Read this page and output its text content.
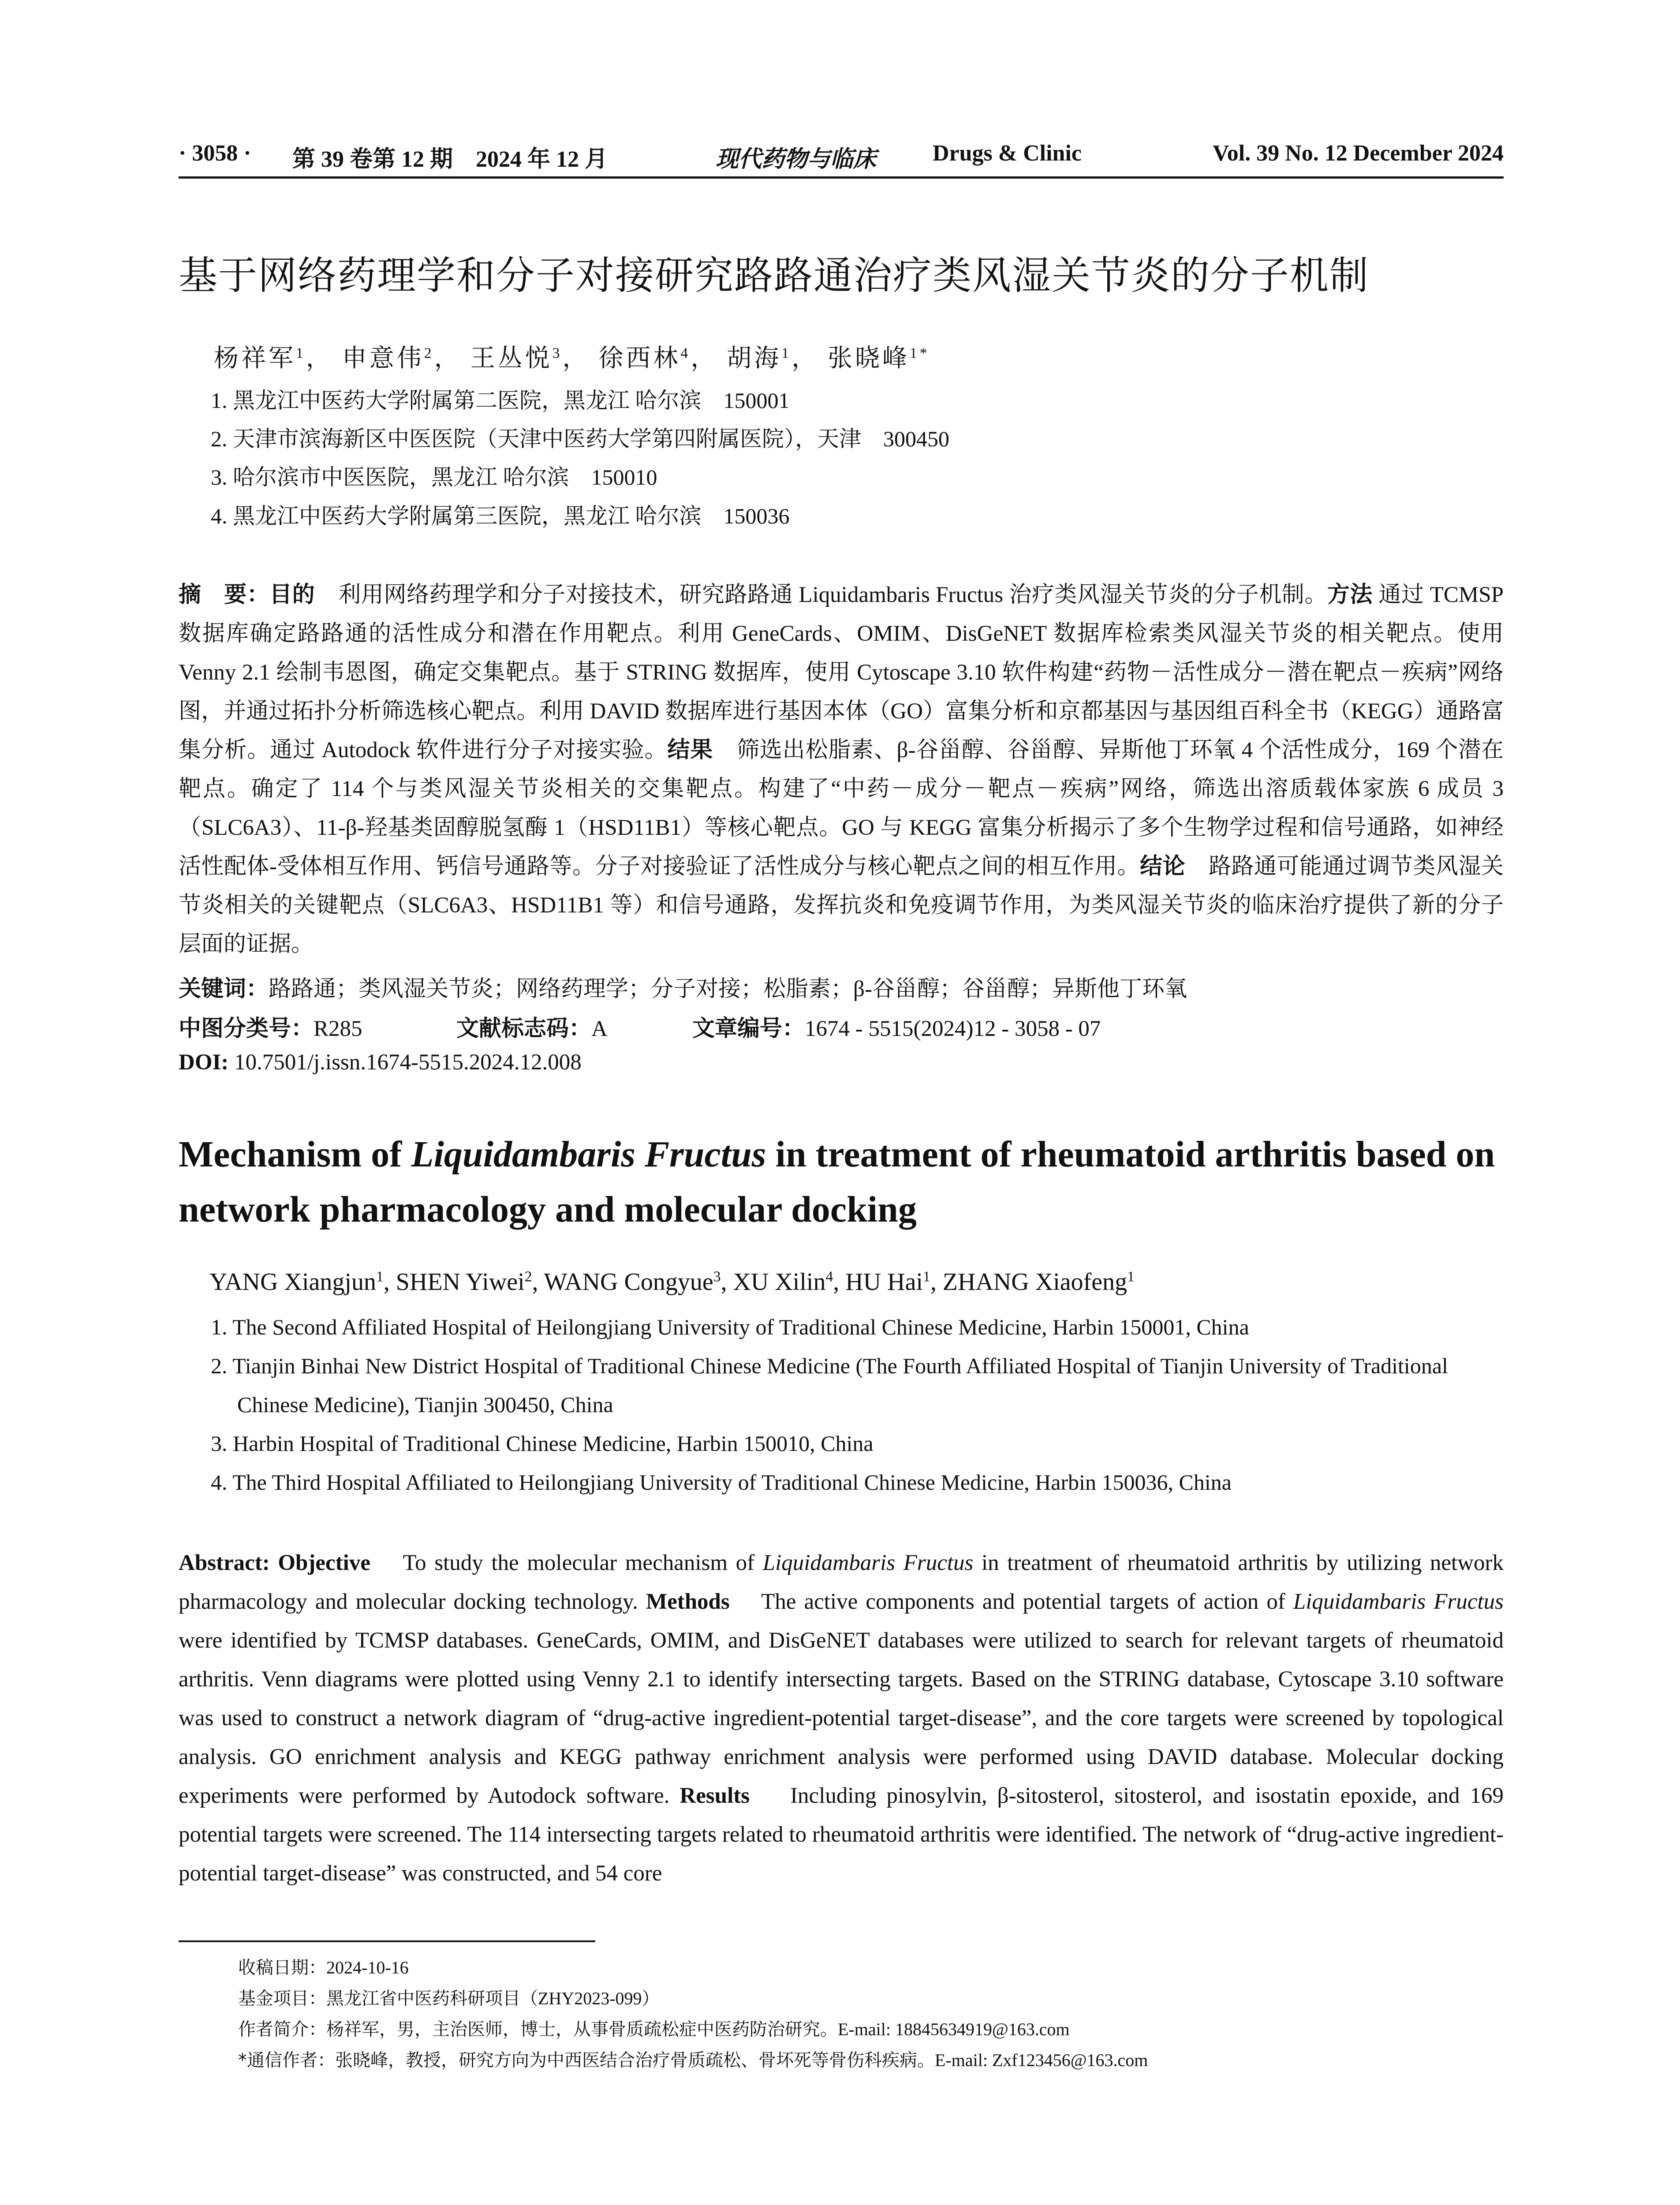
· 3058 · 第 39 卷第 12 期　2024 年 12 月	现代药物与临床 Drugs & Clinic	Vol. 39 No. 12 December 2024
基于网络药理学和分子对接研究路路通治疗类风湿关节炎的分子机制
杨祥军$^1$， 申意伟$^2$， 王丛悦$^3$， 徐西林$^4$， 胡海$^1$， 张晓峰$^{1*}$
1. 黑龙江中医药大学附属第二医院，黑龙江 哈尔滨　150001
2. 天津市滨海新区中医医院（天津中医药大学第四附属医院），天津　300450
3. 哈尔滨市中医医院，黑龙江 哈尔滨　150010
4. 黑龙江中医药大学附属第三医院，黑龙江 哈尔滨　150036
摘　要：目的 利用网络药理学和分子对接技术，研究路路通 Liquidambaris Fructus 治疗类风湿关节炎的分子机制。方法 通过 TCMSP 数据库确定路路通的活性成分和潜在作用靶点。利用 GeneCards、OMIM、DisGeNET 数据库检索类风湿关节炎的相关靶点。使用 Venny 2.1 绘制韦恩图，确定交集靶点。基于 STRING 数据库，使用 Cytoscape 3.10 软件构建“药物－活性成分－潜在靶点－疾病”网络图，并通过拓扑分析筛选核心靶点。利用 DAVID 数据库进行基因本体（GO）富集分析和京都基因与基因组百科全书（KEGG）通路富集分析。通过 Autodock 软件进行分子对接实验。结果 筛选出松脂素、β-谷甾醇、谷甾醇、异斯他丁环氧 4 个活性成分，169 个潜在靶点。确定了 114 个与类风湿关节炎相关的交集靶点。构建了“中药－成分－靶点－疾病”网络，筛选出溶质载体家族 6 成员 3（SLC6A3）、11-β-羟基类固醇脱氢酶 1（HSD11B1）等核心靶点。GO 与 KEGG 富集分析揭示了多个生物学过程和信号通路，如神经活性配体-受体相互作用、钙信号通路等。分子对接验证了活性成分与核心靶点之间的相互作用。结论 路路通可能通过调节类风湿关节炎相关的关键靶点（SLC6A3、HSD11B1 等）和信号通路，发挥抗炎和免疫调节作用，为类风湿关节炎的临床治疗提供了新的分子层面的证据。
关键词：路路通；类风湿关节炎；网络药理学；分子对接；松脂素；β-谷甾醇；谷甾醇；异斯他丁环氧
中图分类号：R285	文献标志码：A	文章编号：1674 - 5515(2024)12 - 3058 - 07
DOI: 10.7501/j.issn.1674-5515.2024.12.008
Mechanism of Liquidambaris Fructus in treatment of rheumatoid arthritis based on network pharmacology and molecular docking
YANG Xiangjun$^1$, SHEN Yiwei$^2$, WANG Congyue$^3$, XU Xilin$^4$, HU Hai$^1$, ZHANG Xiaofeng$^1$
1. The Second Affiliated Hospital of Heilongjiang University of Traditional Chinese Medicine, Harbin 150001, China
2. Tianjin Binhai New District Hospital of Traditional Chinese Medicine (The Fourth Affiliated Hospital of Tianjin University of Traditional Chinese Medicine), Tianjin 300450, China
3. Harbin Hospital of Traditional Chinese Medicine, Harbin 150010, China
4. The Third Hospital Affiliated to Heilongjiang University of Traditional Chinese Medicine, Harbin 150036, China
Abstract: Objective To study the molecular mechanism of Liquidambaris Fructus in treatment of rheumatoid arthritis by utilizing network pharmacology and molecular docking technology. Methods The active components and potential targets of action of Liquidambaris Fructus were identified by TCMSP databases. GeneCards, OMIM, and DisGeNET databases were utilized to search for relevant targets of rheumatoid arthritis. Venn diagrams were plotted using Venny 2.1 to identify intersecting targets. Based on the STRING database, Cytoscape 3.10 software was used to construct a network diagram of “drug-active ingredient-potential target-disease”, and the core targets were screened by topological analysis. GO enrichment analysis and KEGG pathway enrichment analysis were performed using DAVID database. Molecular docking experiments were performed by Autodock software. Results Including pinosylvin, β-sitosterol, sitosterol, and isostatin epoxide, and 169 potential targets were screened. The 114 intersecting targets related to rheumatoid arthritis were identified. The network of “drug-active ingredient-potential target-disease” was constructed, and 54 core
收稿日期：2024-10-16
基金项目：黑龙江省中医药科研项目（ZHY2023-099）
作者简介：杨祥军，男，主治医师，博士，从事骨质疏松症中医药防治研究。E-mail: 18845634919@163.com
*通信作者：张晓峰，教授，研究方向为中西医结合治疗骨质疏松、骨坏死等骨伤科疾病。E-mail: Zxf123456@163.com
